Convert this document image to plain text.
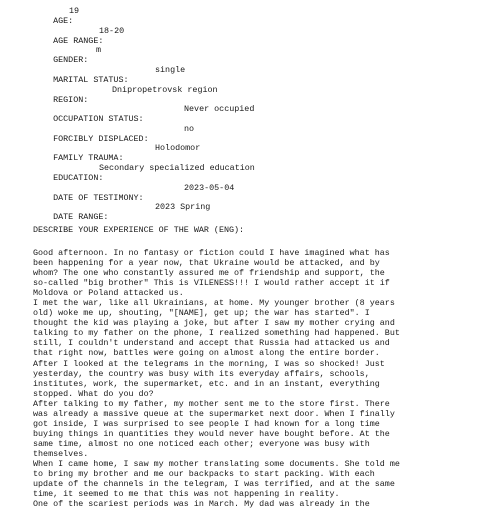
AGE:

19

AGE RANGE:

18-20

GENDER:

m

MARITAL STATUS:

single

REGION:

Dnipropetrovsk region

OCCUPATION STATUS:

Never occupied

FORCIBLY DISPLACED:

no

FAMILY TRAUMA:

Holodomor

EDUCATION:

Secondary specialized education

DATE OF TESTIMONY:

2023-05-04

DATE RANGE:

2023 Spring

DESCRIBE YOUR EXPERIENCE OF THE WAR (ENG):
Good afternoon. In no fantasy or fiction could I have imagined what has
been happening for a year now, that Ukraine would be attacked, and by
whom? The one who constantly assured me of friendship and support, the
so-called "big brother" This is VILENESS!!! I would rather accept it if
Moldova or Poland attacked us.
I met the war, like all Ukrainians, at home. My younger brother (8 years
old) woke me up, shouting, "[NAME], get up; the war has started". I
thought the kid was playing a joke, but after I saw my mother crying and
talking to my father on the phone, I realized something had happened. But
still, I couldn't understand and accept that Russia had attacked us and
that right now, battles were going on almost along the entire border.
After I looked at the telegrams in the morning, I was so shocked! Just
yesterday, the country was busy with its everyday affairs, schools,
institutes, work, the supermarket, etc. and in an instant, everything
stopped. What do you do?
After talking to my father, my mother sent me to the store first. There
was already a massive queue at the supermarket next door. When I finally
got inside, I was surprised to see people I had known for a long time
buying things in quantities they would never have bought before. At the
same time, almost no one noticed each other; everyone was busy with
themselves.
When I came home, I saw my mother translating some documents. She told me
to bring my brother and me our backpacks to start packing. With each
update of the channels in the telegram, I was terrified, and at the same
time, it seemed to me that this was not happening in reality.
One of the scariest periods was in March. My dad was already in the
